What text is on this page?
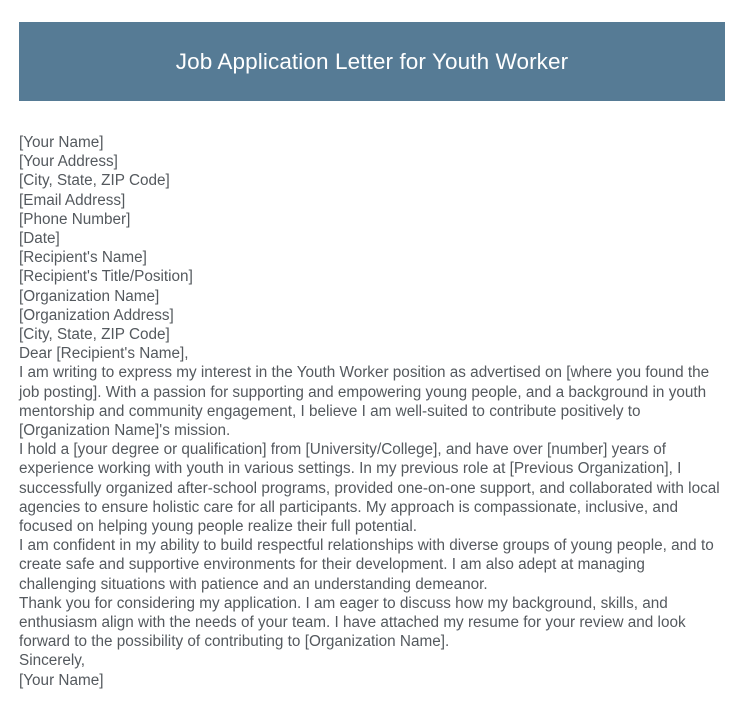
Job Application Letter for Youth Worker
[Your Name]
[Your Address]
[City, State, ZIP Code]
[Email Address]
[Phone Number]
[Date]
[Recipient's Name]
[Recipient's Title/Position]
[Organization Name]
[Organization Address]
[City, State, ZIP Code]
Dear [Recipient's Name],
I am writing to express my interest in the Youth Worker position as advertised on [where you found the job posting]. With a passion for supporting and empowering young people, and a background in youth mentorship and community engagement, I believe I am well-suited to contribute positively to [Organization Name]'s mission.
I hold a [your degree or qualification] from [University/College], and have over [number] years of experience working with youth in various settings. In my previous role at [Previous Organization], I successfully organized after-school programs, provided one-on-one support, and collaborated with local agencies to ensure holistic care for all participants. My approach is compassionate, inclusive, and focused on helping young people realize their full potential.
I am confident in my ability to build respectful relationships with diverse groups of young people, and to create safe and supportive environments for their development. I am also adept at managing challenging situations with patience and an understanding demeanor.
Thank you for considering my application. I am eager to discuss how my background, skills, and enthusiasm align with the needs of your team. I have attached my resume for your review and look forward to the possibility of contributing to [Organization Name].
Sincerely,
[Your Name]
